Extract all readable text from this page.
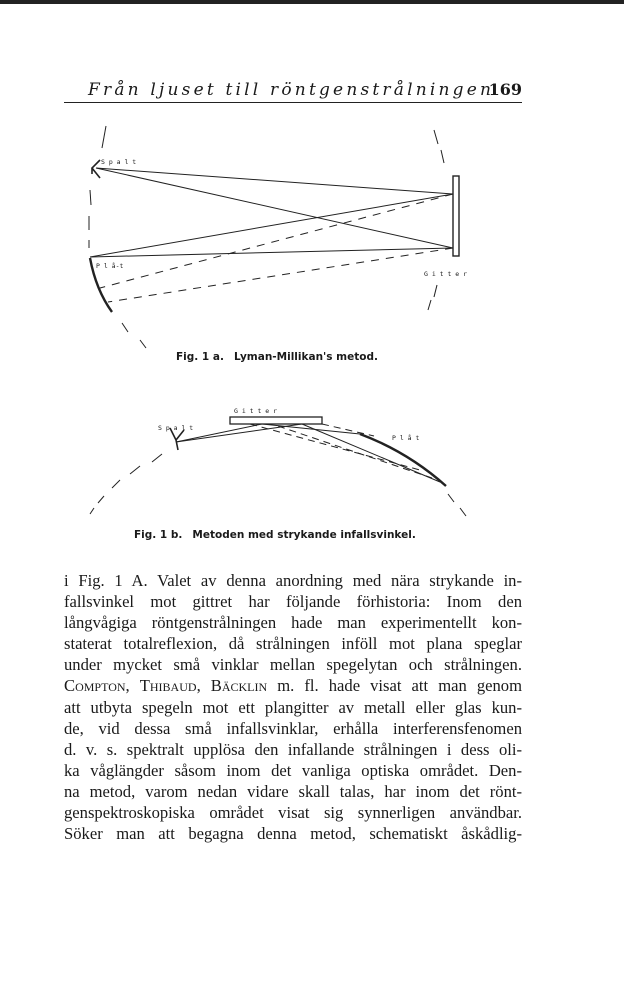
Från ljuset till röntgenstrålningen
169
S p a l t
P l å-t
G i t t e r
Fig. 1 a. Lyman-Millikan's metod.
G i t t e r
S p a l t
P l å t
Fig. 1 b. Metoden med strykande infallsvinkel.
i Fig. 1 A. Valet av denna anordning med nära strykande in-
fallsvinkel mot gittret har följande förhistoria: Inom den
långvågiga röntgenstrålningen hade man experimentellt kon-
staterat totalreflexion, då strålningen inföll mot plana speglar
under mycket små vinklar mellan spegelytan och strålningen.
Compton, Thibaud, Bäcklin m. fl. hade visat att man genom
att utbyta spegeln mot ett plangitter av metall eller glas kun-
de, vid dessa små infallsvinklar, erhålla interferensfenomen
d. v. s. spektralt upplösa den infallande strålningen i dess oli-
ka våglängder såsom inom det vanliga optiska området. Den-
na metod, varom nedan vidare skall talas, har inom det rönt-
genspektroskopiska området visat sig synnerligen användbar.
Söker man att begagna denna metod, schematiskt åskådlig-
